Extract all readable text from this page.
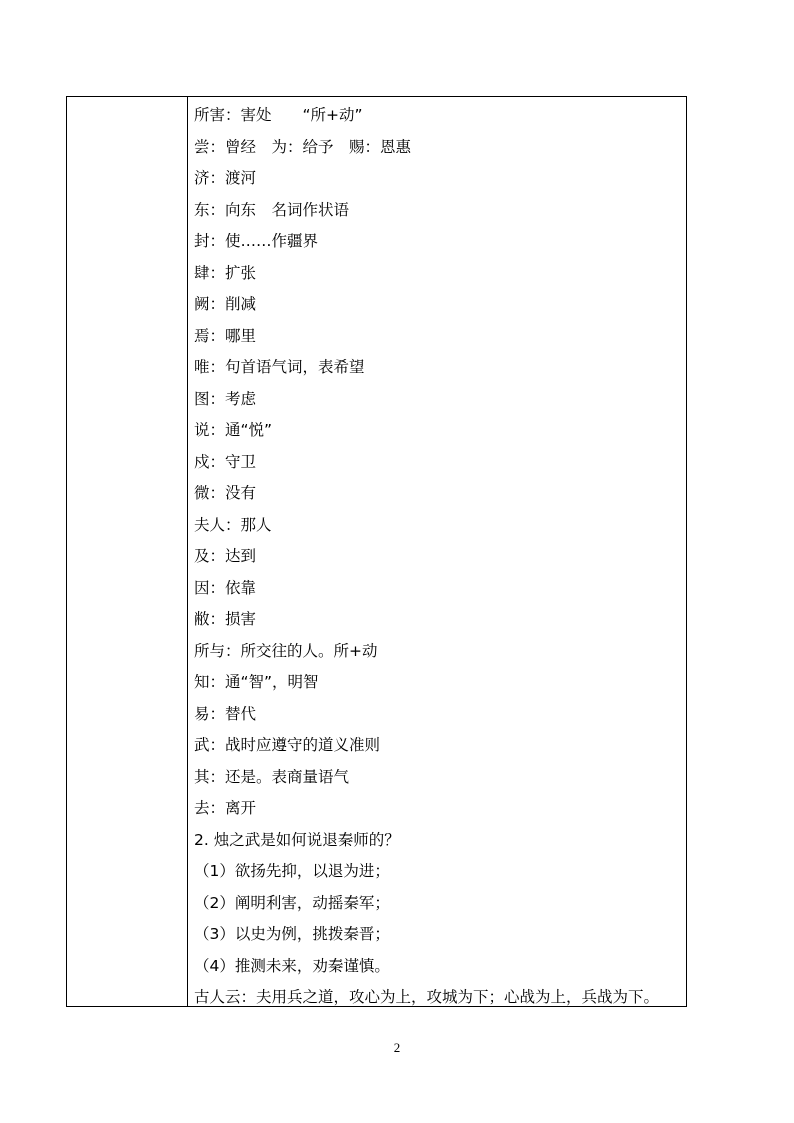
所害：害处　　“所+动”
尝：曾经　为：给予　赐：恩惠
济：渡河
东：向东　名词作状语
封：使……作疆界
肆：扩张
阙：削减
焉：哪里
唯：句首语气词，表希望
图：考虑
说：通“悦”
戍：守卫
微：没有
夫人：那人
及：达到
因：依靠
敝：损害
所与：所交往的人。所+动
知：通“智”，明智
易：替代
武：战时应遵守的道义准则
其：还是。表商量语气
去：离开
2. 烛之武是如何说退秦师的？
（1）欲扬先抑，以退为进；
（2）阐明利害，动摇秦军；
（3）以史为例，挑拨秦晋；
（4）推测未来，劝秦谨慎。
古人云：夫用兵之道，攻心为上，攻城为下；心战为上，兵战为下。
2
